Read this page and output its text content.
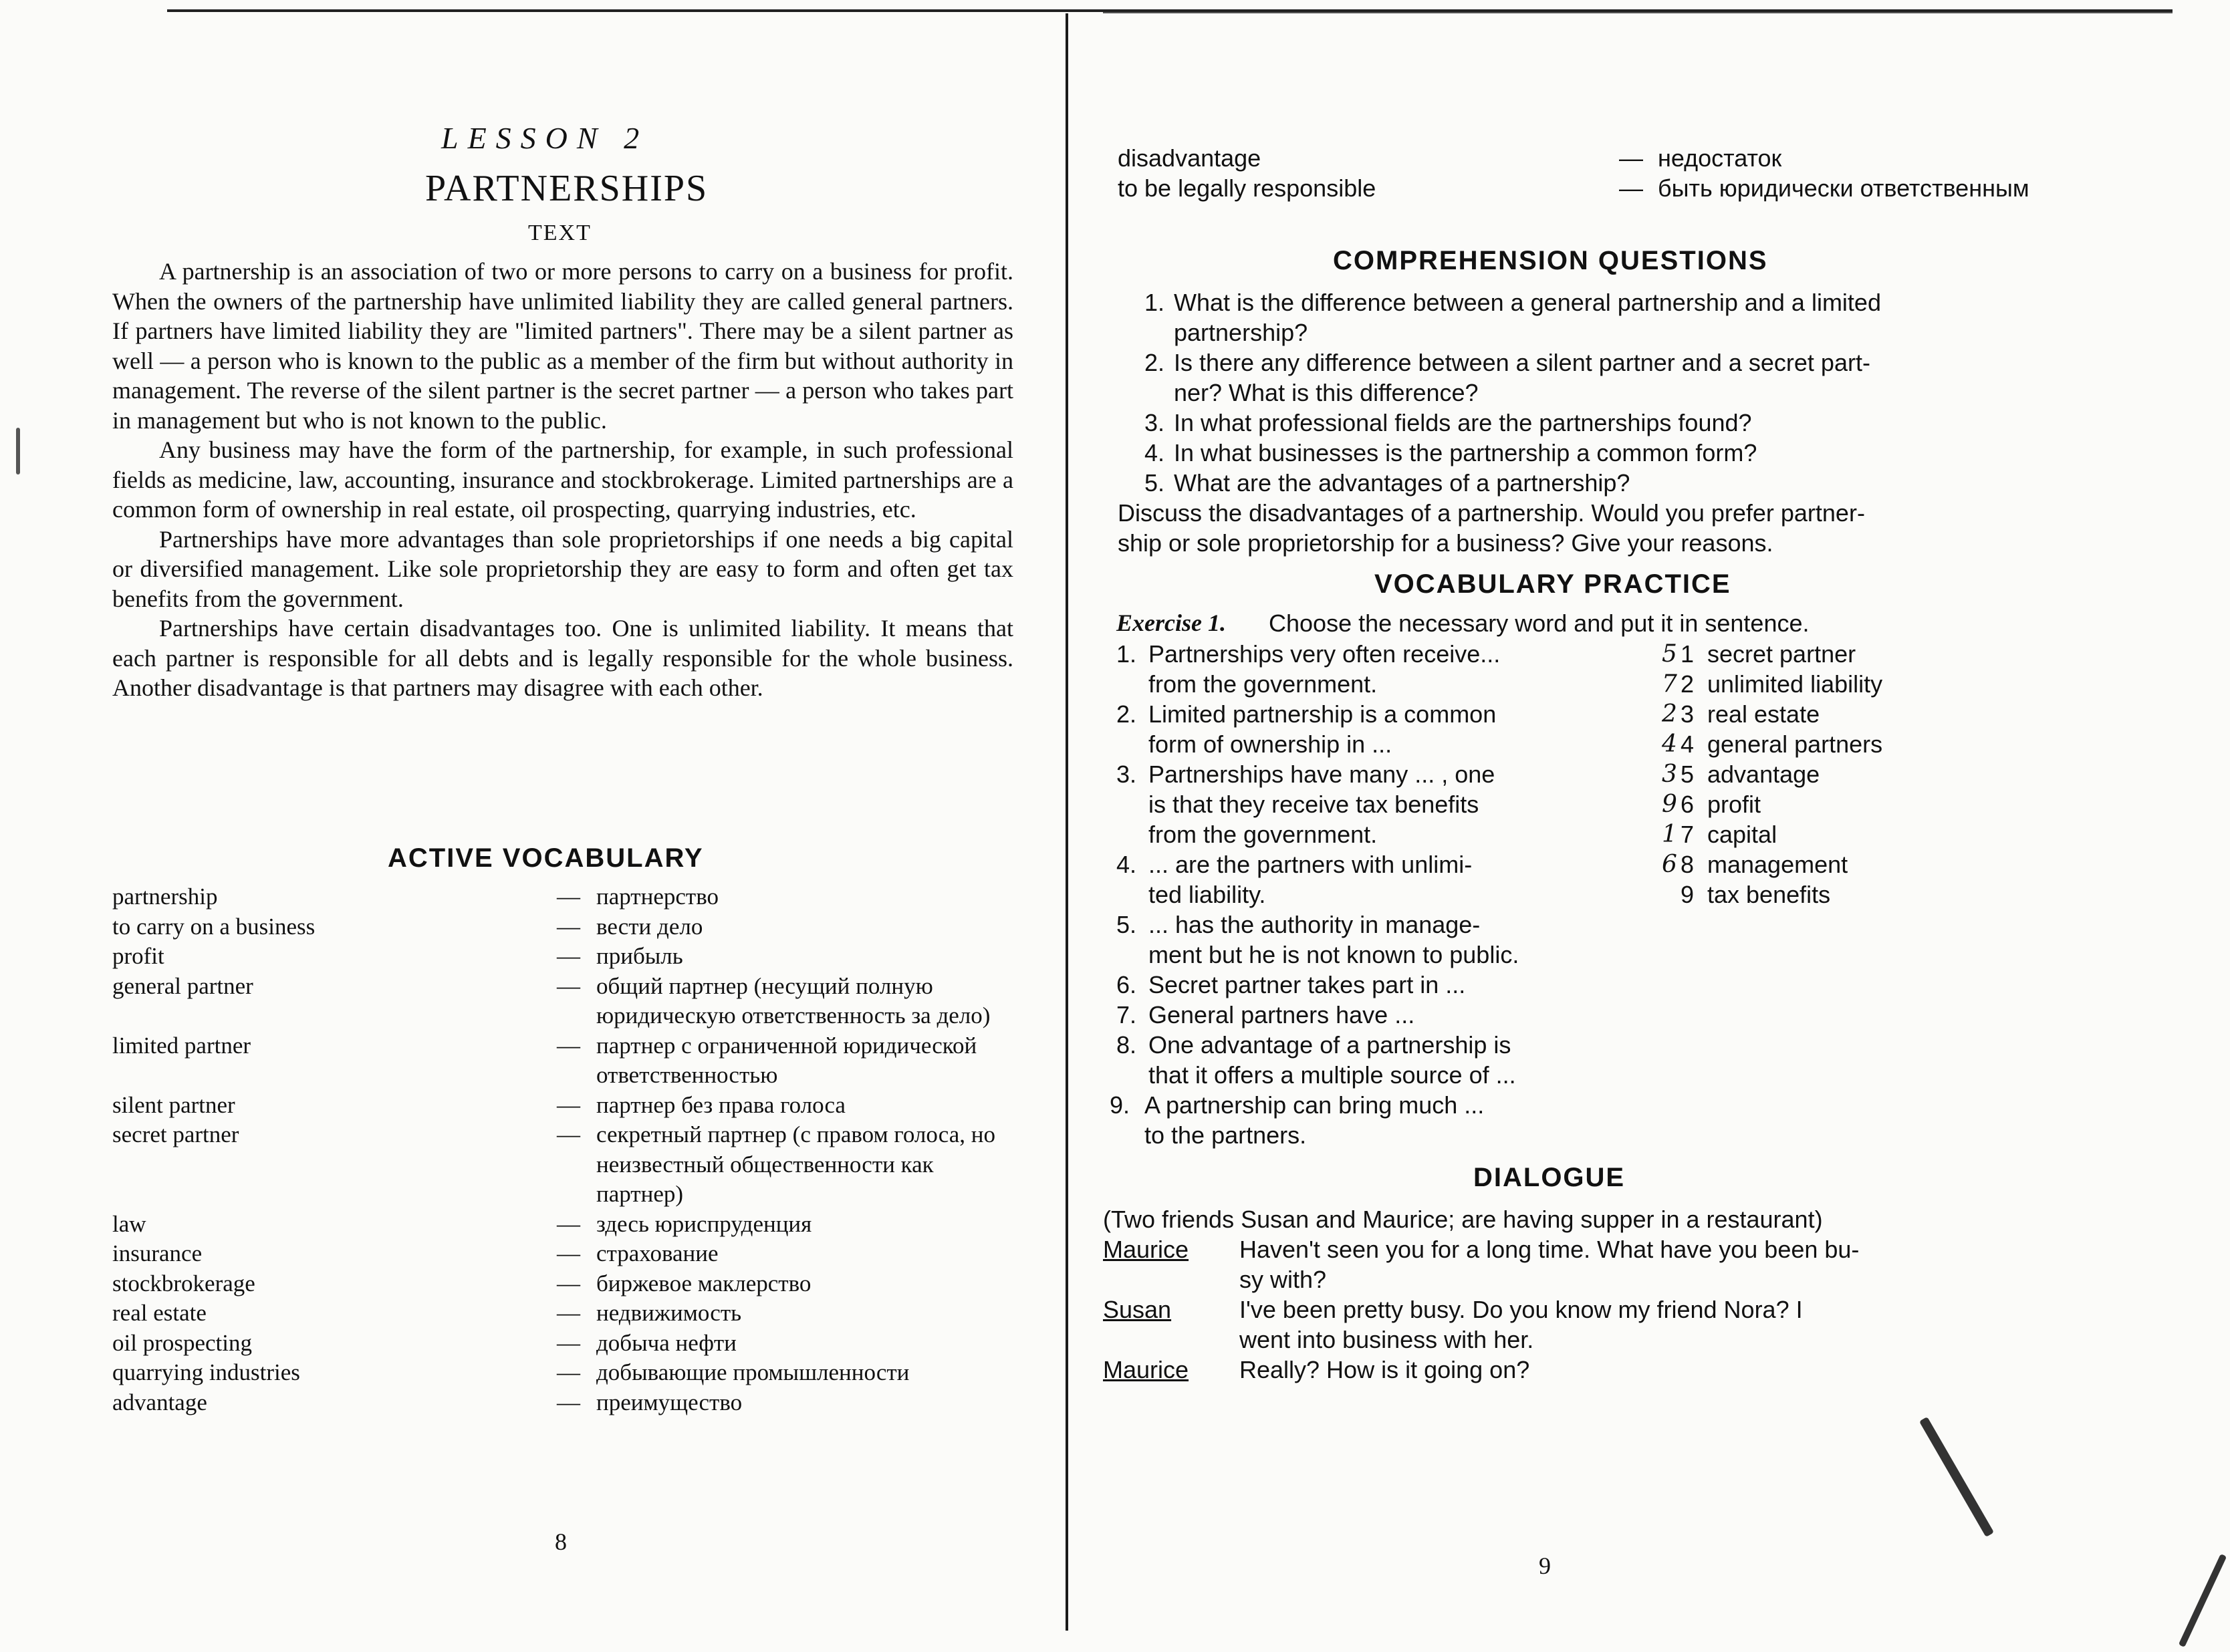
LESSON 2
PARTNERSHIPS
TEXT

A partnership is an association of two or more persons to carry on a business for profit. When the owners of the partnership have unlimited liability they are called general partners. If partners have limited liability they are "limited partners". There may be a silent partner as well — a person who is known to the public as a member of the firm but without authority in management. The reverse of the silent partner is the secret partner — a person who takes part in management but who is not known to the public.

Any business may have the form of the partnership, for example, in such professional fields as medicine, law, accounting, insurance and stockbrokerage. Limited partnerships are a common form of ownership in real estate, oil prospecting, quarrying industries, etc.

Partnerships have more advantages than sole proprietorships if one needs a big capital or diversified management. Like sole proprietorship they are easy to form and often get tax benefits from the government.

Partnerships have certain disadvantages too. One is unlimited liability. It means that each partner is responsible for all debts and is legally responsible for the whole business. Another disadvantage is that partners may disagree with each other.

ACTIVE VOCABULARY
partnership	— партнерство
to carry on a business	— вести дело
profit	— прибыль
general partner	— общий партнер (несущий полную юридическую ответственность за дело)
limited partner	— партнер с ограниченной юридической ответственностью
silent partner	— партнер без права голоса
secret partner	— секретный партнер (с правом голоса, но неизвестный общественности как партнер)
law	— здесь юриспруденция
insurance	— страхование
stockbrokerage	— биржевое маклерство
real estate	— недвижимость
oil prospecting	— добыча нефти
quarrying industries	— добывающие промышленности
advantage	— преимущество
8
disadvantage	— недостаток
to be legally responsible	— быть юридически ответственным
COMPREHENSION QUESTIONS
1. What is the difference between a general partnership and a limited
partnership?
2. Is there any difference between a silent partner and a secret part-
ner? What is this difference?
3. In what professional fields are the partnerships found?
4. In what businesses is the partnership a common form?
5. What are the advantages of a partnership?
Discuss the disadvantages of a partnership. Would you prefer partner-
ship or sole proprietorship for a business? Give your reasons.
VOCABULARY PRACTICE
Exercise 1. Choose the necessary word and put it in sentence.
1. Partnerships very often receive...
from the government.
2. Limited partnership is a common
form of ownership in ...
3. Partnerships have many ... , one
is that they receive tax benefits
from the government.
4. ... are the partners with unlimi-
ted liability.
5. ... has the authority in manage-
ment but he is not known to public.
6. Secret partner takes part in ...
7. General partners have ...
8. One advantage of a partnership is
that it offers a multiple source of ...
9. A partnership can bring much ...
to the partners.
5 1 secret partner
7 2 unlimited liability
2 3 real estate
4 4 general partners
3 5 advantage
9 6 profit
1 7 capital
6 8 management
9 tax benefits
DIALOGUE
(Two friends Susan and Maurice; are having supper in a restaurant)
Maurice Haven't seen you for a long time. What have you been bu-
sy with?
Susan	I've been pretty busy. Do you know my friend Nora? I
went into business with her.
Maurice Really? How is it going on?
9
